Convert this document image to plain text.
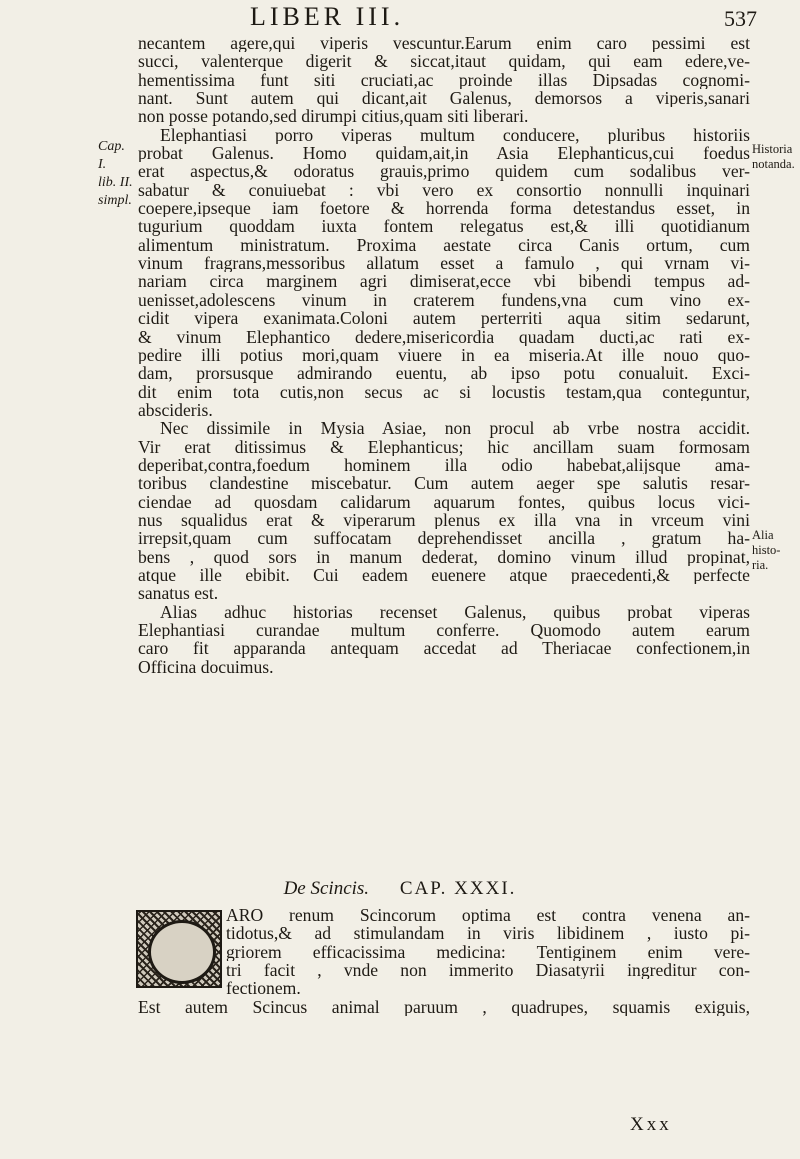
LIBER III.	537
Cap. I.
lib. II.
simpl.
Historia
notanda.
Alia histo-
ria.
necantem agere,qui viperis vescuntur.Earum enim caro pessimi est
succi, valenterque digerit & siccat,itaut quidam, qui eam edere,ve-
hementissima funt siti cruciati,ac proinde illas Dipsadas cognomi-
nant. Sunt autem qui dicant,ait Galenus, demorsos a viperis,sanari
non posse potando,sed dirumpi citius,quam siti liberari.
Elephantiasi porro viperas multum conducere, pluribus historiis
probat Galenus. Homo quidam,ait,in Asia Elephanticus,cui foedus
erat aspectus,& odoratus grauis,primo quidem cum sodalibus ver-
sabatur & conuiuebat : vbi vero ex consortio nonnulli inquinari
coepere,ipseque iam foetore & horrenda forma detestandus esset, in
tugurium quoddam iuxta fontem relegatus est,& illi quotidianum
alimentum ministratum. Proxima aestate circa Canis ortum, cum
vinum fragrans,messoribus allatum esset a famulo , qui vrnam vi-
nariam circa marginem agri dimiserat,ecce vbi bibendi tempus ad-
uenisset,adolescens vinum in craterem fundens,vna cum vino ex-
cidit vipera exanimata.Coloni autem perterriti aqua sitim sedarunt,
& vinum Elephantico dedere,misericordia quadam ducti,ac rati ex-
pedire illi potius mori,quam viuere in ea miseria.At ille nouo quo-
dam, prorsusque admirando euentu, ab ipso potu conualuit. Exci-
dit enim tota cutis,non secus ac si locustis testam,qua conteguntur,
abscideris.
Nec dissimile in Mysia Asiae, non procul ab vrbe nostra accidit.
Vir erat ditissimus & Elephanticus; hic ancillam suam formosam
deperibat,contra,foedum hominem illa odio habebat,alijsque ama-
toribus clandestine miscebatur. Cum autem aeger spe salutis resar-
ciendae ad quosdam calidarum aquarum fontes, quibus locus vici-
nus squalidus erat & viperarum plenus ex illa vna in vrceum vini
irrepsit,quam cum suffocatam deprehendisset ancilla , gratum ha-
bens , quod sors in manum dederat, domino vinum illud propinat,
atque ille ebibit. Cui eadem euenere atque praecedenti,& perfecte
sanatus est.
Alias adhuc historias recenset Galenus, quibus probat viperas
Elephantiasi curandae multum conferre. Quomodo autem earum
caro fit apparanda antequam accedat ad Theriacae confectionem,in
Officina docuimus.
De Scincis. CAP. XXXI.
ARO renum Scincorum optima est contra venena an-
tidotus,& ad stimulandam in viris libidinem , iusto pi-
griorem efficacissima medicina: Tentiginem enim vere-
tri facit , vnde non immerito Diasatyrii ingreditur con-
fectionem.
Est autem Scincus animal paruum , quadrupes, squamis exiguis,
Xxx
